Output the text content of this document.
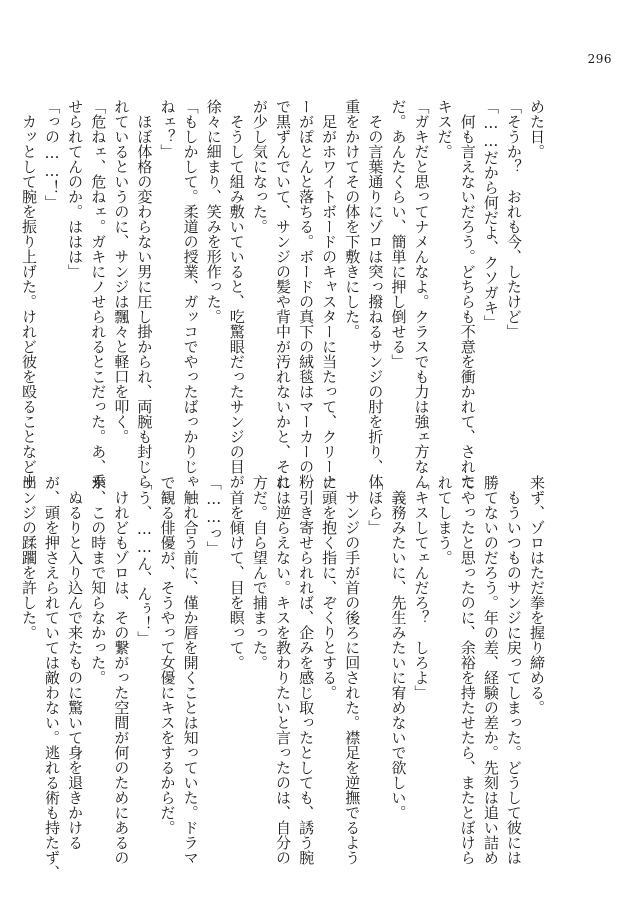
296

めた日。

「そうか？　おれも今、したけど」

「……だから何だよ、クソガキ」

　何も言えないだろう。どちらも不意を衝かれて、された

キスだ。

「ガキだと思ってナメんなよ。クラスでも力は強ェ方なん

だ。あんたくらい、簡単に押し倒せる」

　その言葉通りにゾロは突っ撥ねるサンジの肘を折り、体

重をかけてその体を下敷きにした。

　足がホワイトボードのキャスターに当たって、クリーナ

ーがぽとんと落ちる。ボードの真下の絨毯はマーカーの粉

で黒ずんでいて、サンジの髪や背中が汚れないかと、それ

が少し気になった。

　そうして組み敷いていると、吃驚眼だったサンジの目が

徐々に細まり、笑みを形作った。

「もしかして。柔道の授業、ガッコでやったばっかりじゃ

ねェ？」

　ほぼ体格の変わらない男に圧し掛かられ、両腕も封じら

れているというのに、サンジは飄々と軽口を叩く。

「危ねェ、危ねェ。ガキにノせられるとこだった。あ、乗

せられてんのか。ははは」

「っの……！」

　カッとして腕を振り上げた。けれど彼を殴ることなど出

来ず、ゾロはただ拳を握り締める。

　もういつものサンジに戻ってしまった。どうして彼には

勝てないのだろう。年の差、経験の差か。先刻は追い詰め

てやったと思ったのに、余裕を持たせたら、またとぼけら

れてしまう。

「キスしてェんだろ？　しろよ」

　義務みたいに、先生みたいに宥めないで欲しい。

「ほら」

　サンジの手が首の後ろに回された。襟足を逆撫でるよう

に頭を抱く指に、ぞくりとする。

　引き寄せられれば、企みを感じ取ったとしても、誘う腕

には逆らえない。キスを教わりたいと言ったのは、自分の

方だ。自ら望んで捕まった。

　首を傾けて、目を瞑って。

「……っ」

　触れ合う前に、僅か唇を開くことは知っていた。ドラマ

で観る俳優が、そうやって女優にキスをするからだ。

「う、……ん、んぅ！」

　けれどもゾロは、その繋がった空間が何のためにあるの

か、この時まで知らなかった。

　ぬるりと入り込んで来たものに驚いて身を退きかける

が、頭を押さえられていては敵わない。逃れる術も持たず、

サンジの蹂躙を許した。
